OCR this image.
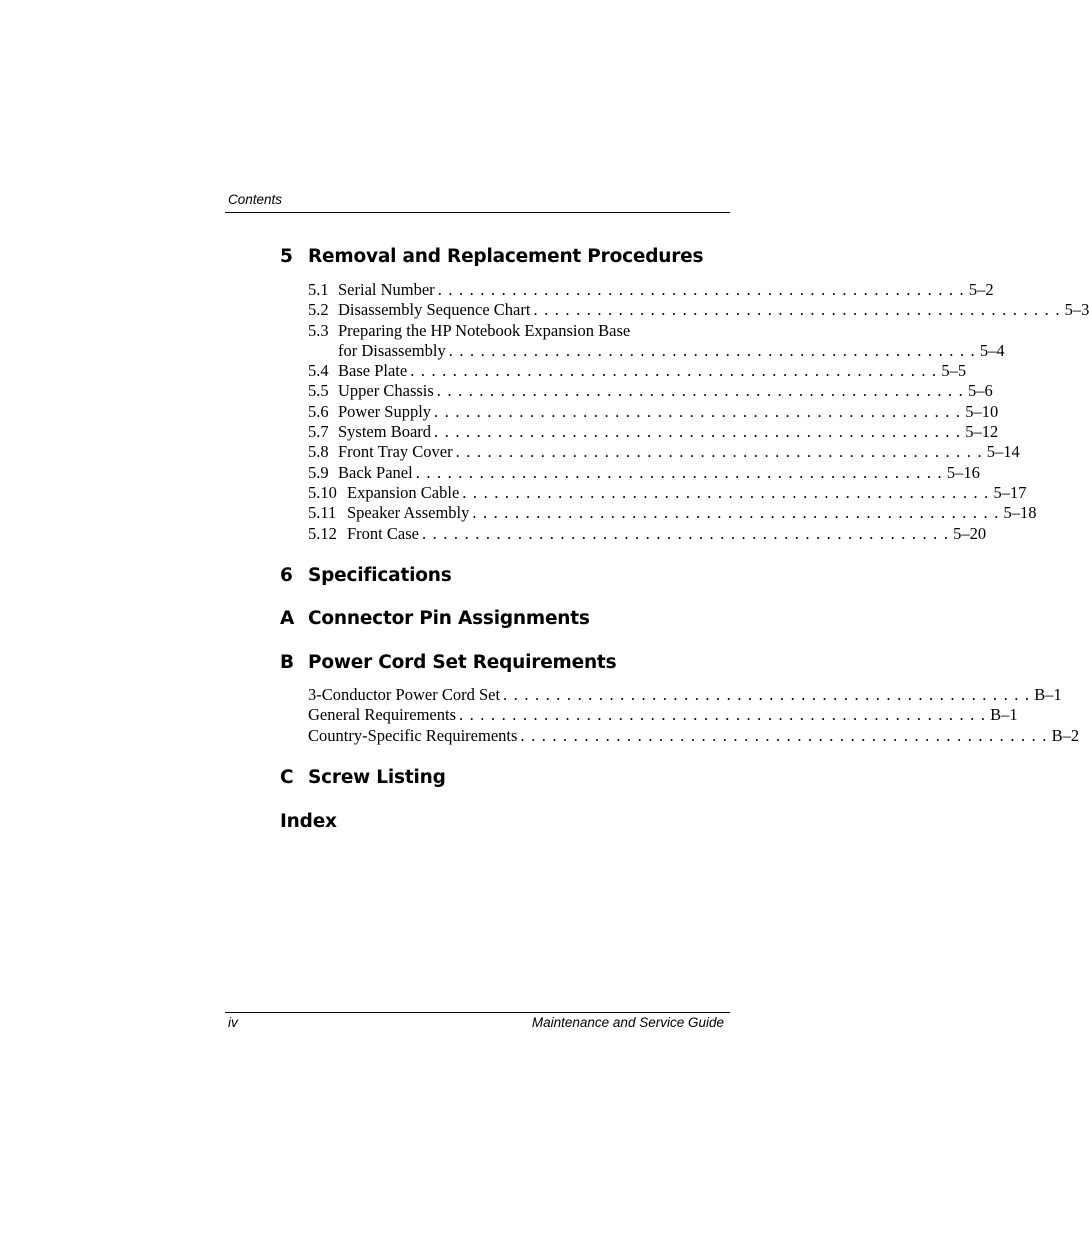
Contents
5 Removal and Replacement Procedures
5.1 Serial Number . . . . . . . . . . . . . . . . . . . . . . . . . . . . . . . . . . . . . . . . . . . . . . . . . . 5–2
5.2 Disassembly Sequence Chart . . . . . . . . . . . . . . . . . . . . . . . . . . . . . . . . . . . . . . . . . . . . . . . . . . 5–3
5.3 Preparing the HP Notebook Expansion Base
for Disassembly . . . . . . . . . . . . . . . . . . . . . . . . . . . . . . . . . . . . . . . . . . . . . . . . . . 5–4
5.4 Base Plate . . . . . . . . . . . . . . . . . . . . . . . . . . . . . . . . . . . . . . . . . . . . . . . . . . 5–5
5.5 Upper Chassis . . . . . . . . . . . . . . . . . . . . . . . . . . . . . . . . . . . . . . . . . . . . . . . . . . 5–6
5.6 Power Supply . . . . . . . . . . . . . . . . . . . . . . . . . . . . . . . . . . . . . . . . . . . . . . . . . . 5–10
5.7 System Board . . . . . . . . . . . . . . . . . . . . . . . . . . . . . . . . . . . . . . . . . . . . . . . . . . 5–12
5.8 Front Tray Cover . . . . . . . . . . . . . . . . . . . . . . . . . . . . . . . . . . . . . . . . . . . . . . . . . . 5–14
5.9 Back Panel . . . . . . . . . . . . . . . . . . . . . . . . . . . . . . . . . . . . . . . . . . . . . . . . . . 5–16
5.10 Expansion Cable . . . . . . . . . . . . . . . . . . . . . . . . . . . . . . . . . . . . . . . . . . . . . . . . . . 5–17
5.11 Speaker Assembly . . . . . . . . . . . . . . . . . . . . . . . . . . . . . . . . . . . . . . . . . . . . . . . . . . 5–18
5.12 Front Case . . . . . . . . . . . . . . . . . . . . . . . . . . . . . . . . . . . . . . . . . . . . . . . . . . 5–20
6 Specifications
A Connector Pin Assignments
B Power Cord Set Requirements
3-Conductor Power Cord Set . . . . . . . . . . . . . . . . . . . . . . . . . . . . . . . . . . . . . . . . . . . . . . . . . . B–1
General Requirements . . . . . . . . . . . . . . . . . . . . . . . . . . . . . . . . . . . . . . . . . . . . . . . . . . B–1
Country-Specific Requirements . . . . . . . . . . . . . . . . . . . . . . . . . . . . . . . . . . . . . . . . . . . . . . . . . . B–2
C Screw Listing
Index
iv	Maintenance and Service Guide
